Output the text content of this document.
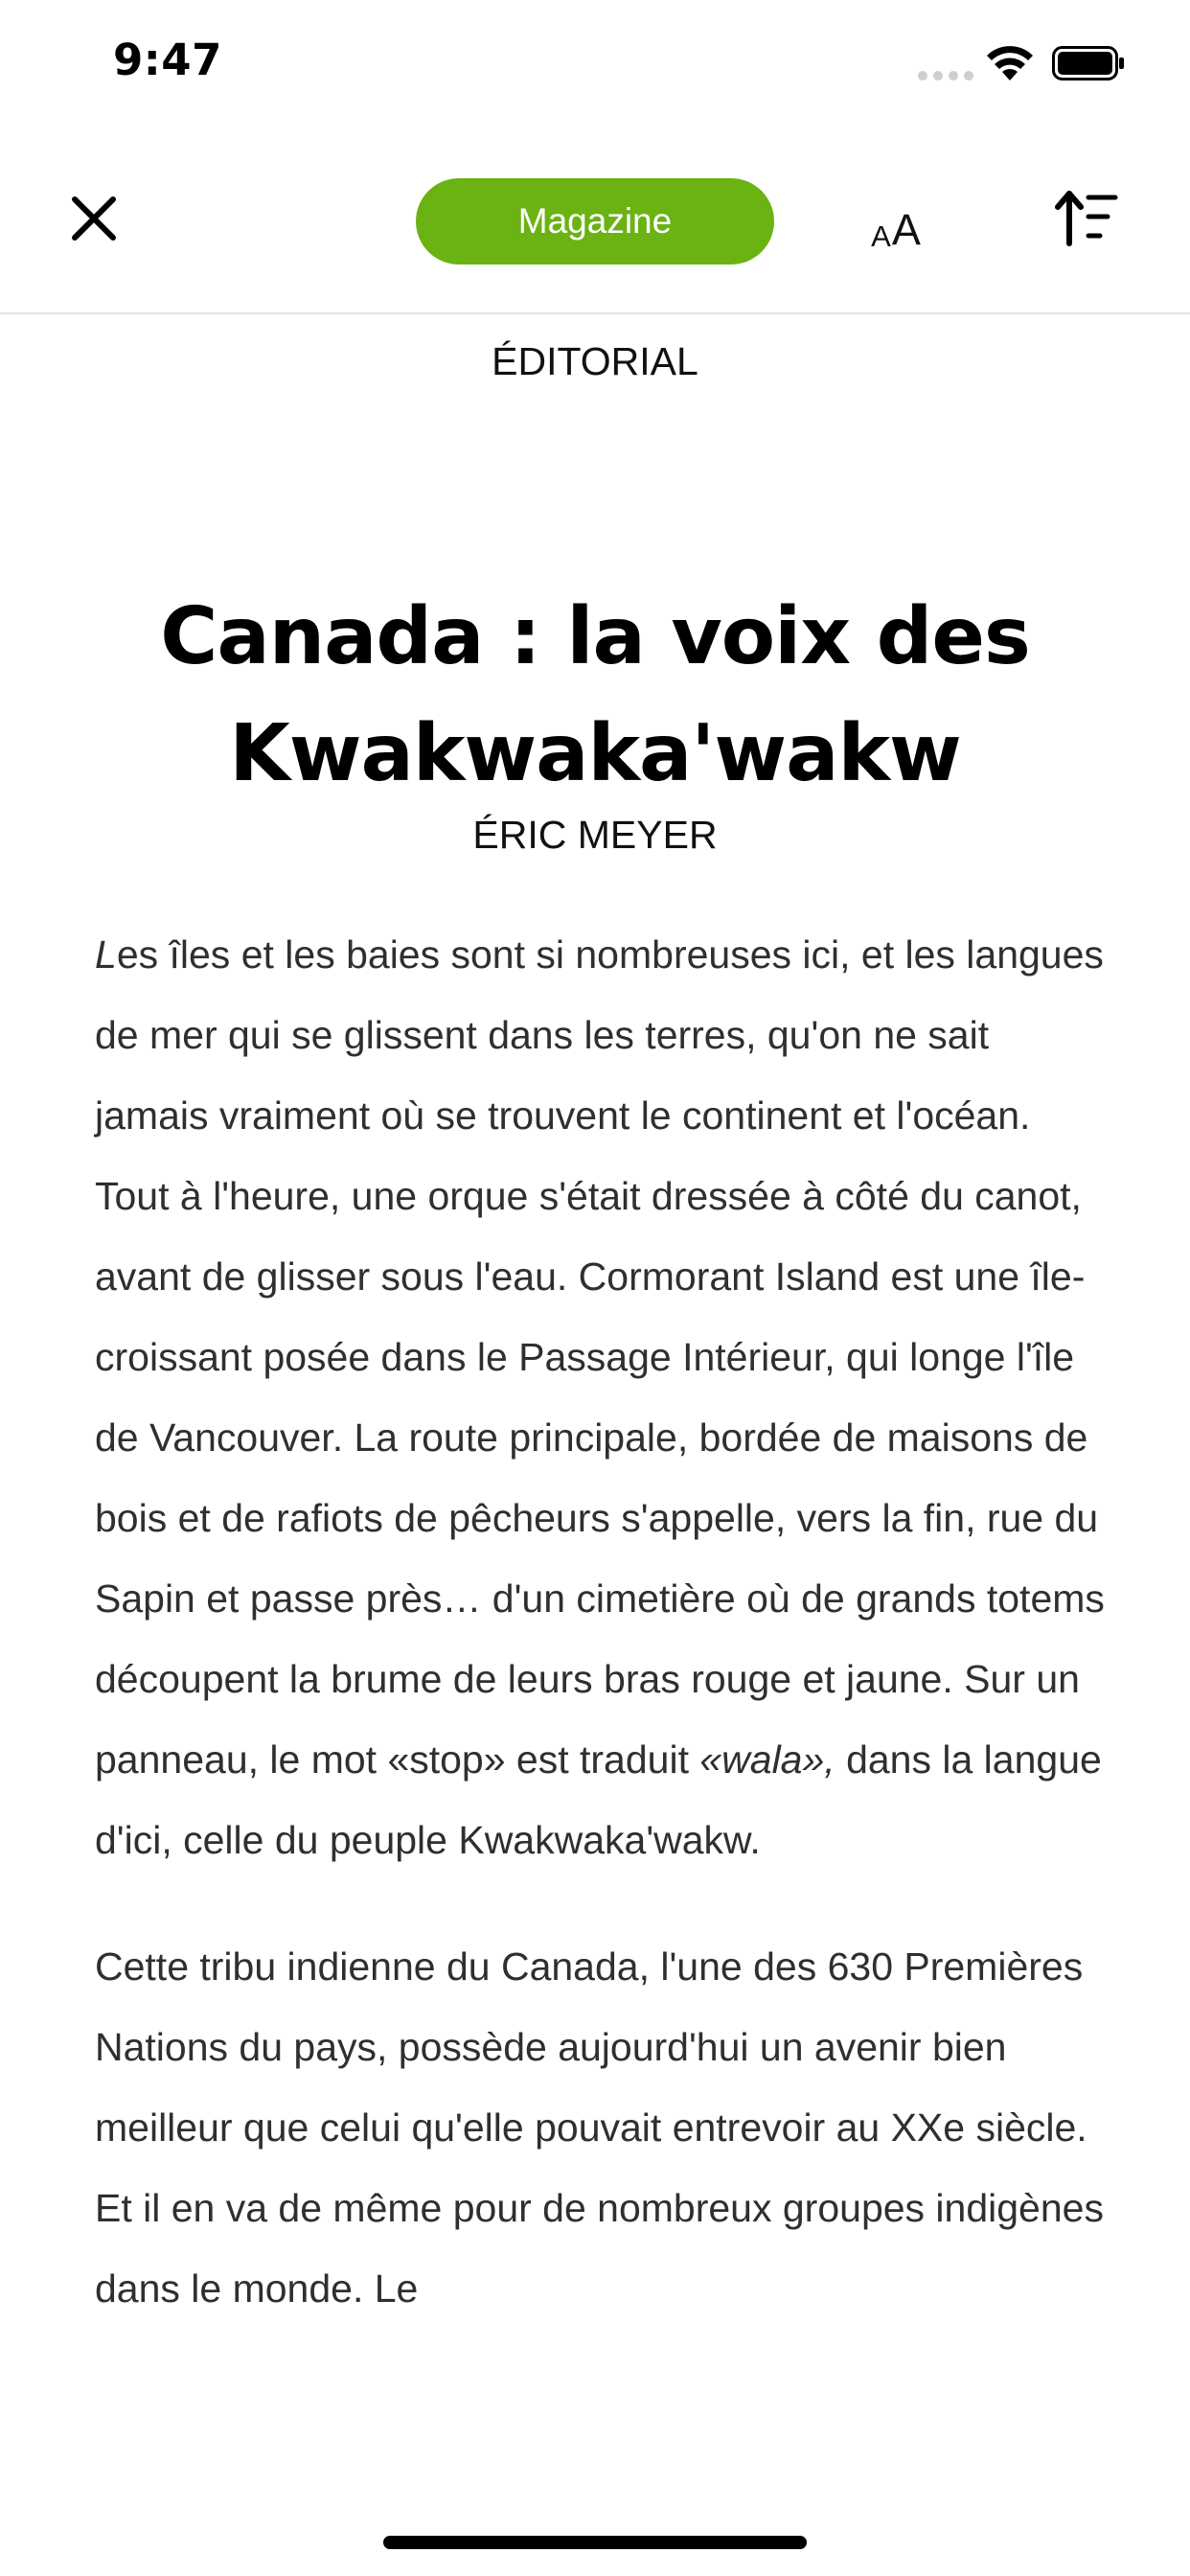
9:47
Magazine	A A
ÉDITORIAL
Canada : la voix des
Kwakwaka'wakw
ÉRIC MEYER

Les îles et les baies sont si nombreuses ici, et les langues de mer qui se glissent dans les terres, qu'on ne sait jamais vraiment où se trouvent le continent et l'océan. Tout à l'heure, une orque s'était dressée à côté du canot, avant de glisser sous l'eau. Cormorant Island est une île-croissant posée dans le Passage Intérieur, qui longe l'île de Vancouver. La route principale, bordée de maisons de bois et de rafiots de pêcheurs s'appelle, vers la fin, rue du Sapin et passe près… d'un cimetière où de grands totems découpent la brume de leurs bras rouge et jaune. Sur un panneau, le mot «stop» est traduit «wala», dans la langue d'ici, celle du peuple Kwakwaka'wakw.

Cette tribu indienne du Canada, l'une des 630 Premières Nations du pays, possède aujourd'hui un avenir bien meilleur que celui qu'elle pouvait entrevoir au XXe siècle. Et il en va de même pour de nombreux groupes indigènes dans le monde. Le
